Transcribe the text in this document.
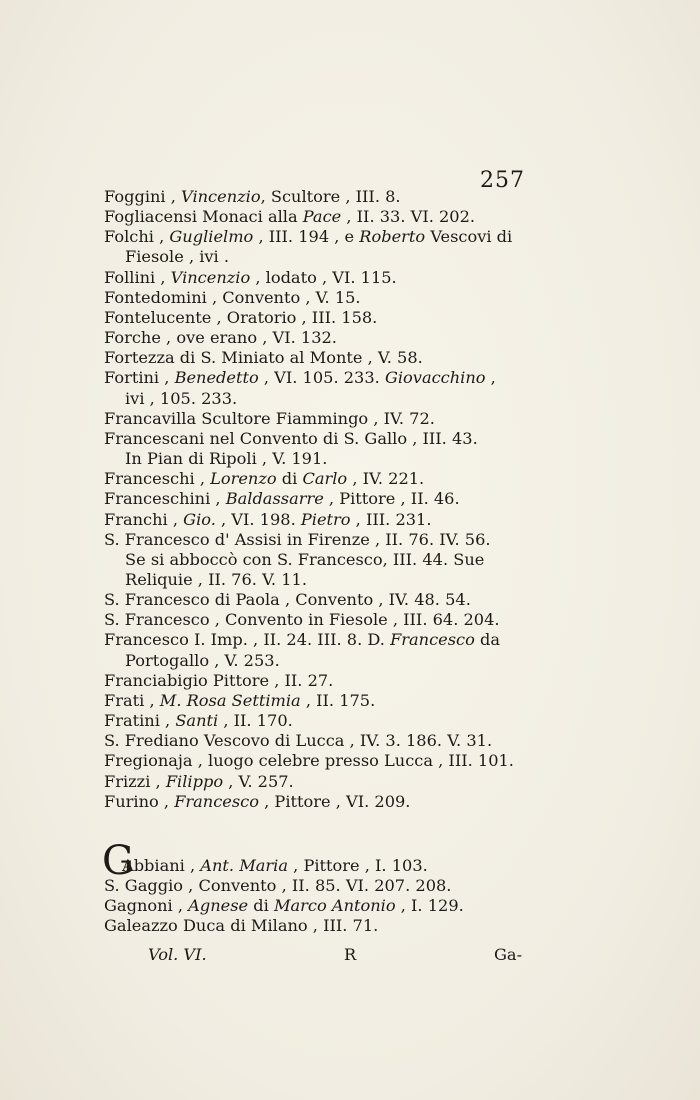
257
Foggini , Vincenzio, Scultore , III. 8.
Fogliacensi Monaci alla Pace , II. 33. VI. 202.
Folchi , Guglielmo , III. 194 , e Roberto Vescovi di
Fiesole , ivi .
Follini , Vincenzio , lodato , VI. 115.
Fontedomini , Convento , V. 15.
Fontelucente , Oratorio , III. 158.
Forche , ove erano , VI. 132.
Fortezza di S. Miniato al Monte , V. 58.
Fortini , Benedetto , VI. 105. 233. Giovacchino ,
ivi , 105. 233.
Francavilla Scultore Fiammingo , IV. 72.
Francescani nel Convento di S. Gallo , III. 43.
In Pian di Ripoli , V. 191.
Franceschi , Lorenzo di Carlo , IV. 221.
Franceschini , Baldassarre , Pittore , II. 46.
Franchi , Gio. , VI. 198. Pietro , III. 231.
S. Francesco d' Assisi in Firenze , II. 76. IV. 56.
Se si abboccò con S. Francesco, III. 44. Sue
Reliquie , II. 76. V. 11.
S. Francesco di Paola , Convento , IV. 48. 54.
S. Francesco , Convento in Fiesole , III. 64. 204.
Francesco I. Imp. , II. 24. III. 8. D. Francesco da
Portogallo , V. 253.
Franciabigio Pittore , II. 27.
Frati , M. Rosa Settimia , II. 175.
Fratini , Santi , II. 170.
S. Frediano Vescovo di Lucca , IV. 3. 186. V. 31.
Fregionaja , luogo celebre presso Lucca , III. 101.
Frizzi , Filippo , V. 257.
Furino , Francesco , Pittore , VI. 209.
G
Abbiani , Ant. Maria , Pittore , I. 103.
S. Gaggio , Convento , II. 85. VI. 207. 208.
Gagnoni , Agnese di Marco Antonio , I. 129.
Galeazzo Duca di Milano , III. 71.
Vol. VI.	R	Ga-
